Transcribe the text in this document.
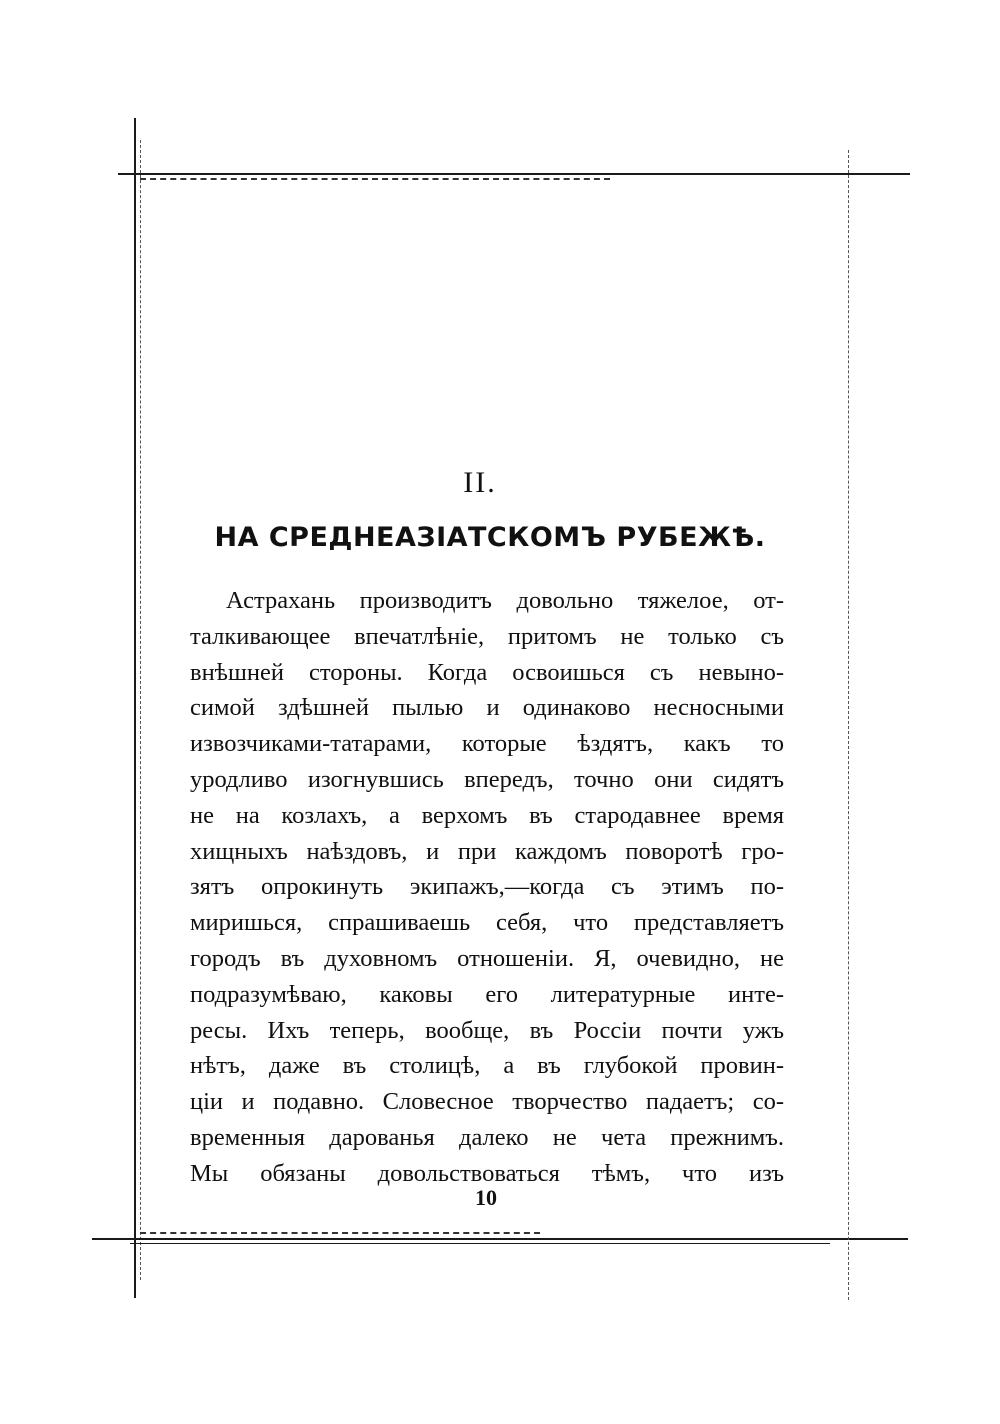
II.
НА СРЕДНЕАЗІАТСКОМЪ РУБЕЖѢ.
Астрахань производитъ довольно тяжелое, от-
талкивающее впечатлѣніе, притомъ не только съ
внѣшней стороны. Когда освоишься съ невыно-
симой здѣшней пылью и одинаково несносными
извозчиками-татарами, которые ѣздятъ, какъ то
уродливо изогнувшись впередъ, точно они сидятъ
не на козлахъ, а верхомъ въ стародавнее время
хищныхъ наѣздовъ, и при каждомъ поворотѣ гро-
зятъ опрокинуть экипажъ,—когда съ этимъ по-
миришься, спрашиваешь себя, что представляетъ
городъ въ духовномъ отношеніи. Я, очевидно, не
подразумѣваю, каковы его литературные инте-
ресы. Ихъ теперь, вообще, въ Россіи почти ужъ
нѣтъ, даже въ столицѣ, а въ глубокой провин-
ціи и подавно. Словесное творчество падаетъ; со-
временныя дарованья далеко не чета прежнимъ.
Мы обязаны довольствоваться тѣмъ, что изъ
10
